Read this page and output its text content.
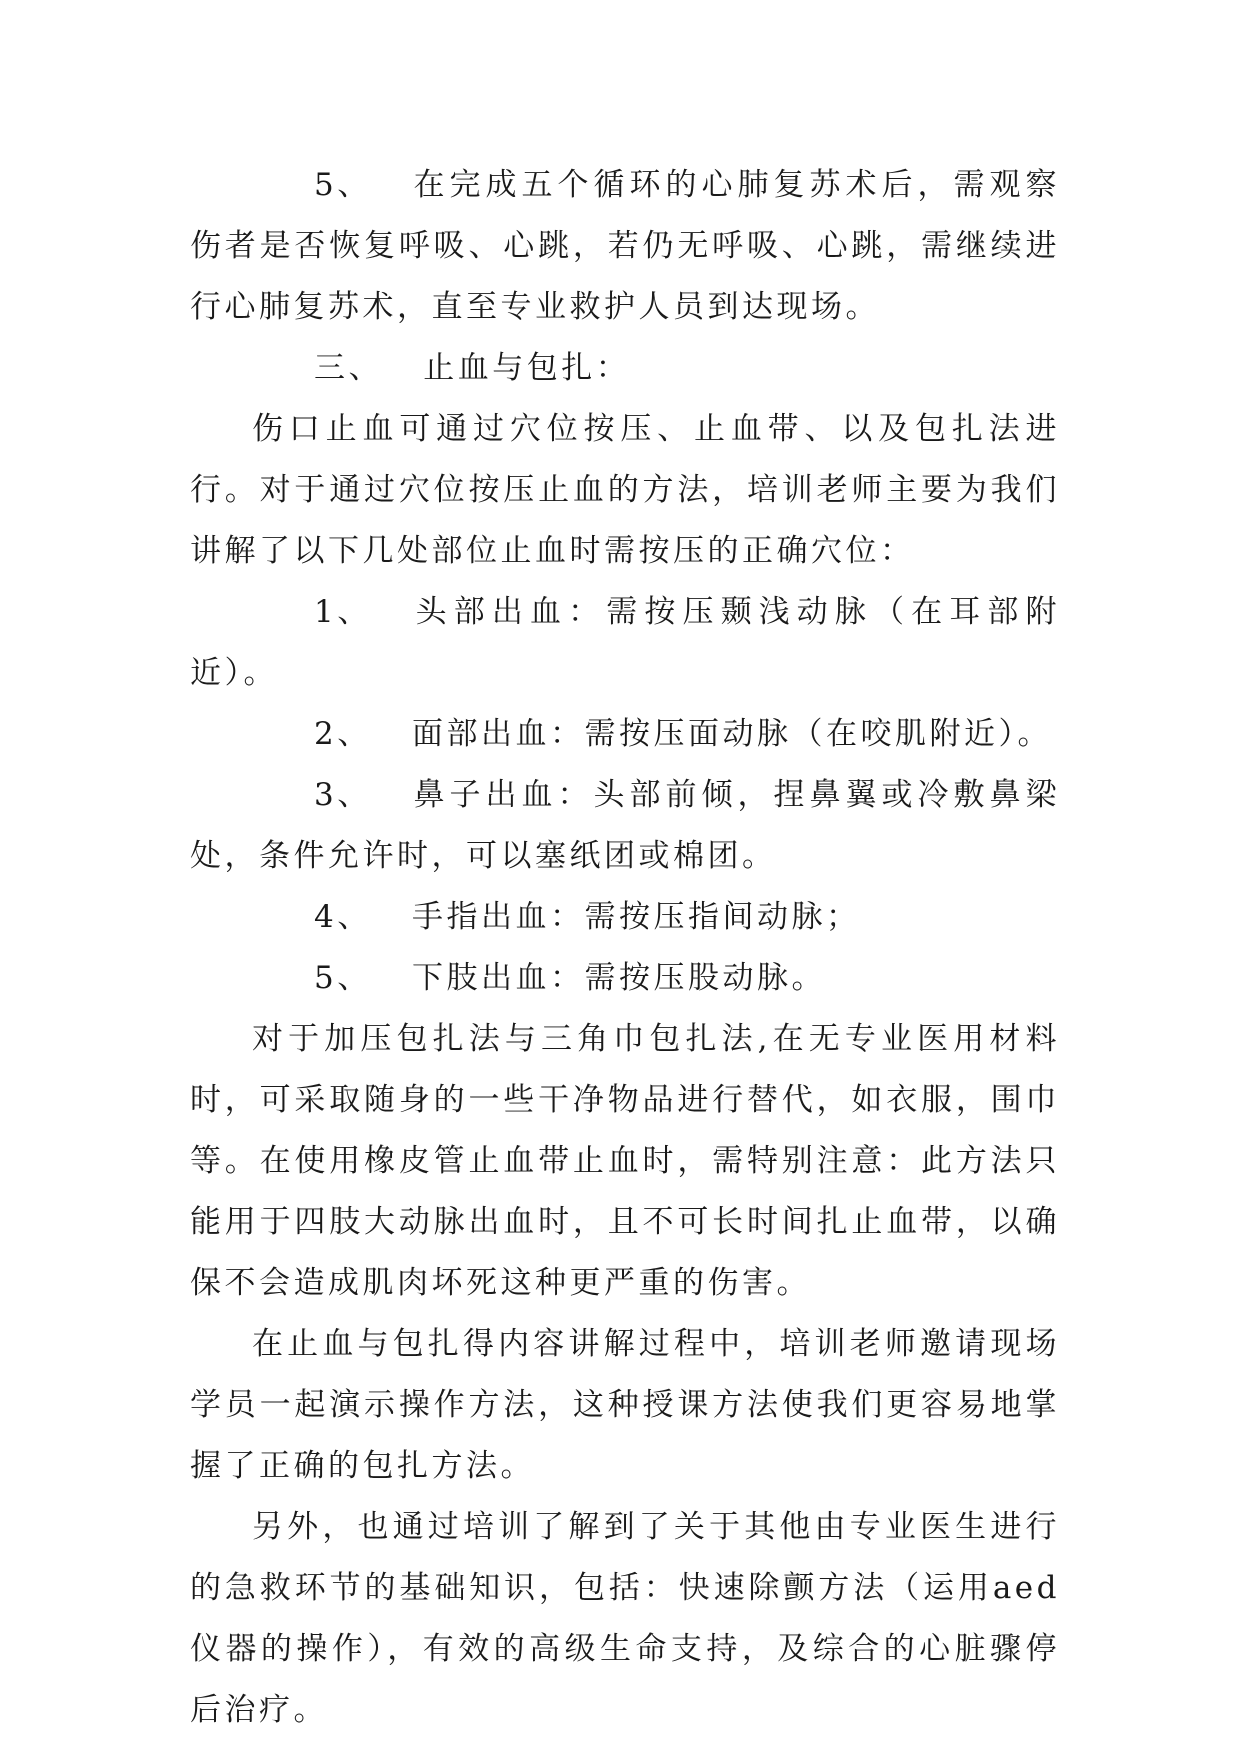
5、 在完成五个循环的心肺复苏术后，需观察伤者是否恢复呼吸、心跳，若仍无呼吸、心跳，需继续进行心肺复苏术，直至专业救护人员到达现场。

三、 止血与包扎：

伤口止血可通过穴位按压、止血带、以及包扎法进行。对于通过穴位按压止血的方法，培训老师主要为我们讲解了以下几处部位止血时需按压的正确穴位：

1、 头部出血：需按压颞浅动脉（在耳部附近）。

2、 面部出血：需按压面动脉（在咬肌附近）。

3、 鼻子出血：头部前倾，捏鼻翼或冷敷鼻梁处，条件允许时，可以塞纸团或棉团。

4、 手指出血：需按压指间动脉；

5、 下肢出血：需按压股动脉。

对于加压包扎法与三角巾包扎法,在无专业医用材料时，可采取随身的一些干净物品进行替代，如衣服，围巾等。在使用橡皮管止血带止血时，需特别注意：此方法只能用于四肢大动脉出血时，且不可长时间扎止血带，以确保不会造成肌肉坏死这种更严重的伤害。

在止血与包扎得内容讲解过程中，培训老师邀请现场学员一起演示操作方法，这种授课方法使我们更容易地掌握了正确的包扎方法。

另外，也通过培训了解到了关于其他由专业医生进行的急救环节的基础知识，包括：快速除颤方法（运用aed仪器的操作），有效的高级生命支持，及综合的心脏骤停后治疗。
